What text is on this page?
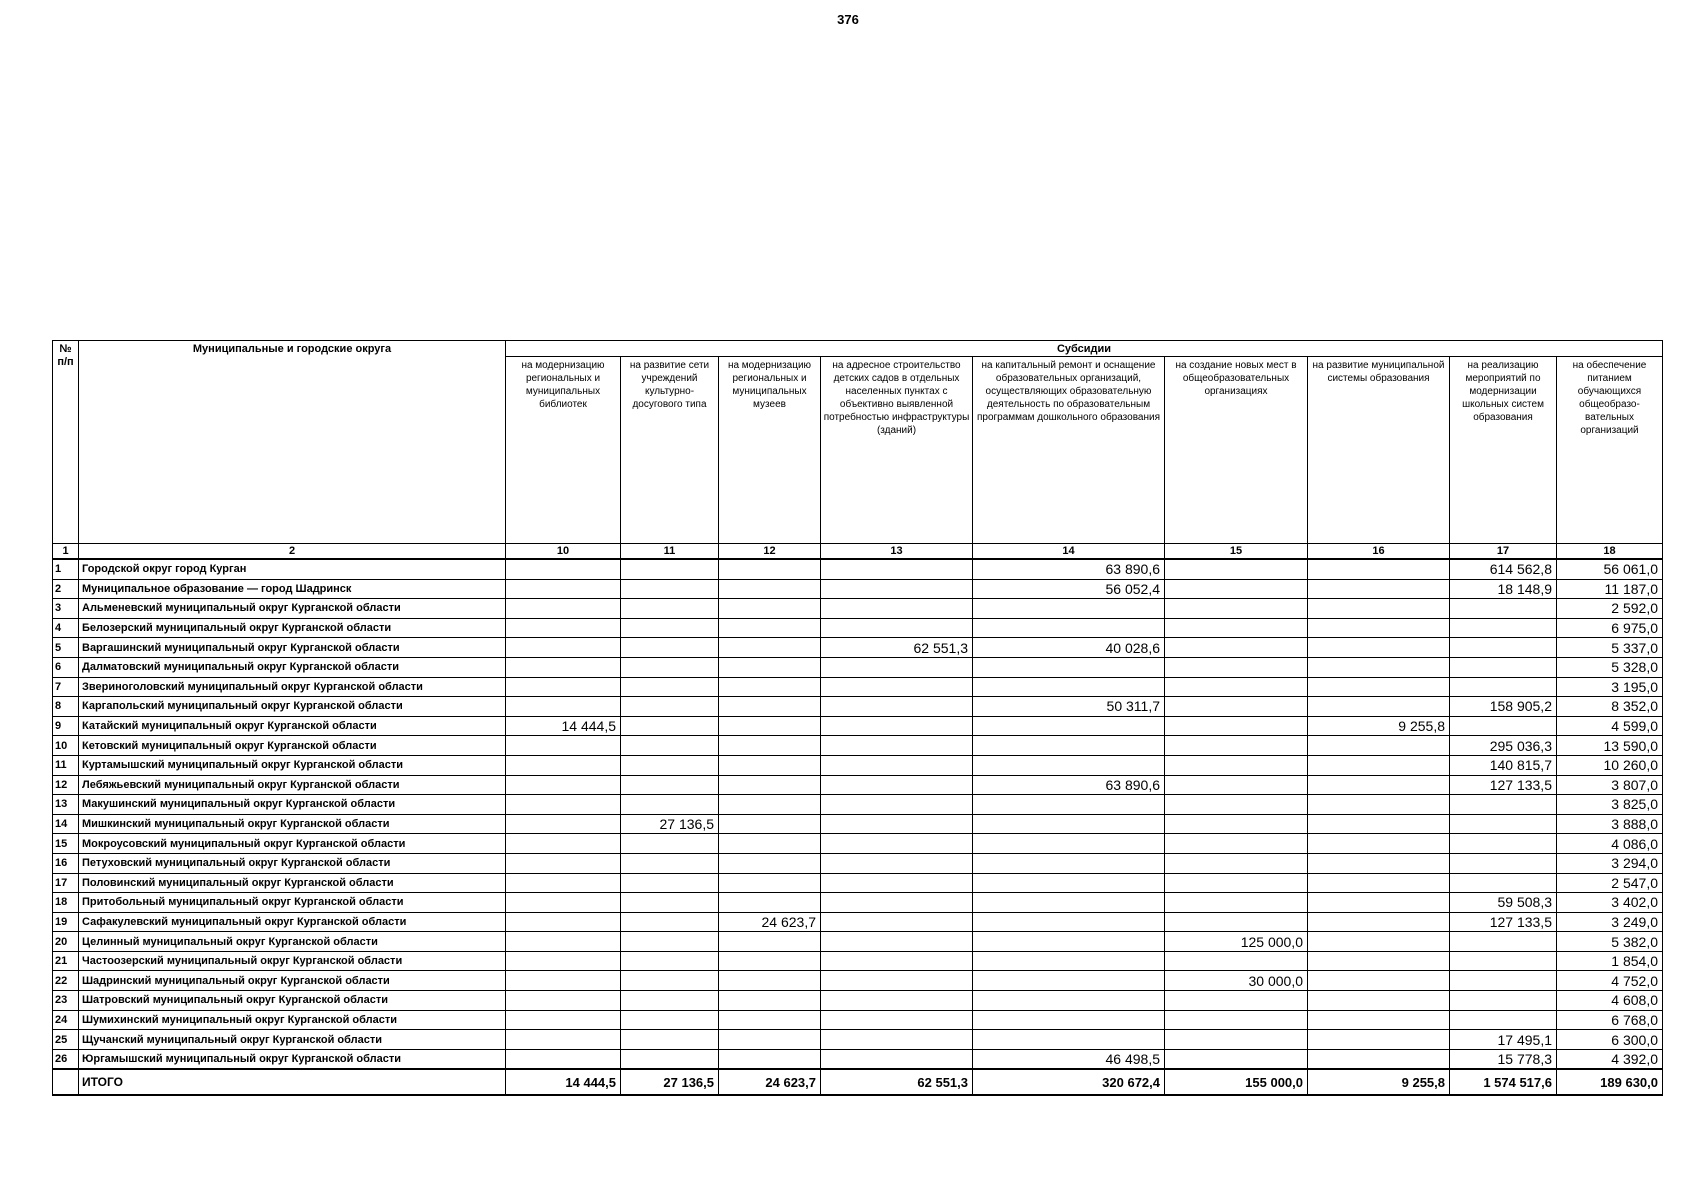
376
№ п/п	Муниципальные и городские округа	Субсидии								
		на модернизацию региональных и муниципальных библиотек	на развитие сети учреждений культурно-досугового типа	на модернизацию региональных и муниципальных музеев	на адресное строительство детских садов в отдельных населенных пунктах с объективно выявленной потребностью инфраструктуры (зданий)	на капитальный ремонт и оснащение образовательных организаций, осуществляющих образовательную деятельность по образовательным программам дошкольного образования	на создание новых мест в общеобразовательных организациях	на развитие муниципальной системы образования	на реализацию мероприятий по модернизации школьных систем образования	на обеспечение питанием обучающихся общеобразо-вательных организаций
1	2	10	11	12	13	14	15	16	17	18
1	Городской округ город Курган					63 890,6			614 562,8	56 061,0
2	Муниципальное образование — город Шадринск					56 052,4			18 148,9	11 187,0
3	Альменевский муниципальный округ Курганской области									2 592,0
4	Белозерский муниципальный округ Курганской области									6 975,0
5	Варгашинский муниципальный округ Курганской области				62 551,3	40 028,6				5 337,0
6	Далматовский муниципальный округ Курганской области									5 328,0
7	Звериноголовский муниципальный округ Курганской области									3 195,0
8	Каргапольский муниципальный округ Курганской области					50 311,7			158 905,2	8 352,0
9	Катайский муниципальный округ Курганской области	14 444,5						9 255,8		4 599,0
10	Кетовский муниципальный округ Курганской области								295 036,3	13 590,0
11	Куртамышский муниципальный округ Курганской области								140 815,7	10 260,0
12	Лебяжьевский муниципальный округ Курганской области					63 890,6			127 133,5	3 807,0
13	Макушинский муниципальный округ Курганской области									3 825,0
14	Мишкинский муниципальный округ Курганской области		27 136,5							3 888,0
15	Мокроусовский муниципальный округ Курганской области									4 086,0
16	Петуховский муниципальный округ Курганской области									3 294,0
17	Половинский муниципальный округ Курганской области									2 547,0
18	Притобольный муниципальный округ Курганской области								59 508,3	3 402,0
19	Сафакулевский муниципальный округ Курганской области			24 623,7					127 133,5	3 249,0
20	Целинный муниципальный округ Курганской области						125 000,0			5 382,0
21	Частоозерский муниципальный округ Курганской области									1 854,0
22	Шадринский муниципальный округ Курганской области						30 000,0			4 752,0
23	Шатровский муниципальный округ Курганской области									4 608,0
24	Шумихинский муниципальный округ Курганской области									6 768,0
25	Щучанский муниципальный округ Курганской области								17 495,1	6 300,0
26	Юргамышский муниципальный округ Курганской области					46 498,5			15 778,3	4 392,0
	ИТОГО	14 444,5	27 136,5	24 623,7	62 551,3	320 672,4	155 000,0	9 255,8	1 574 517,6	189 630,0
